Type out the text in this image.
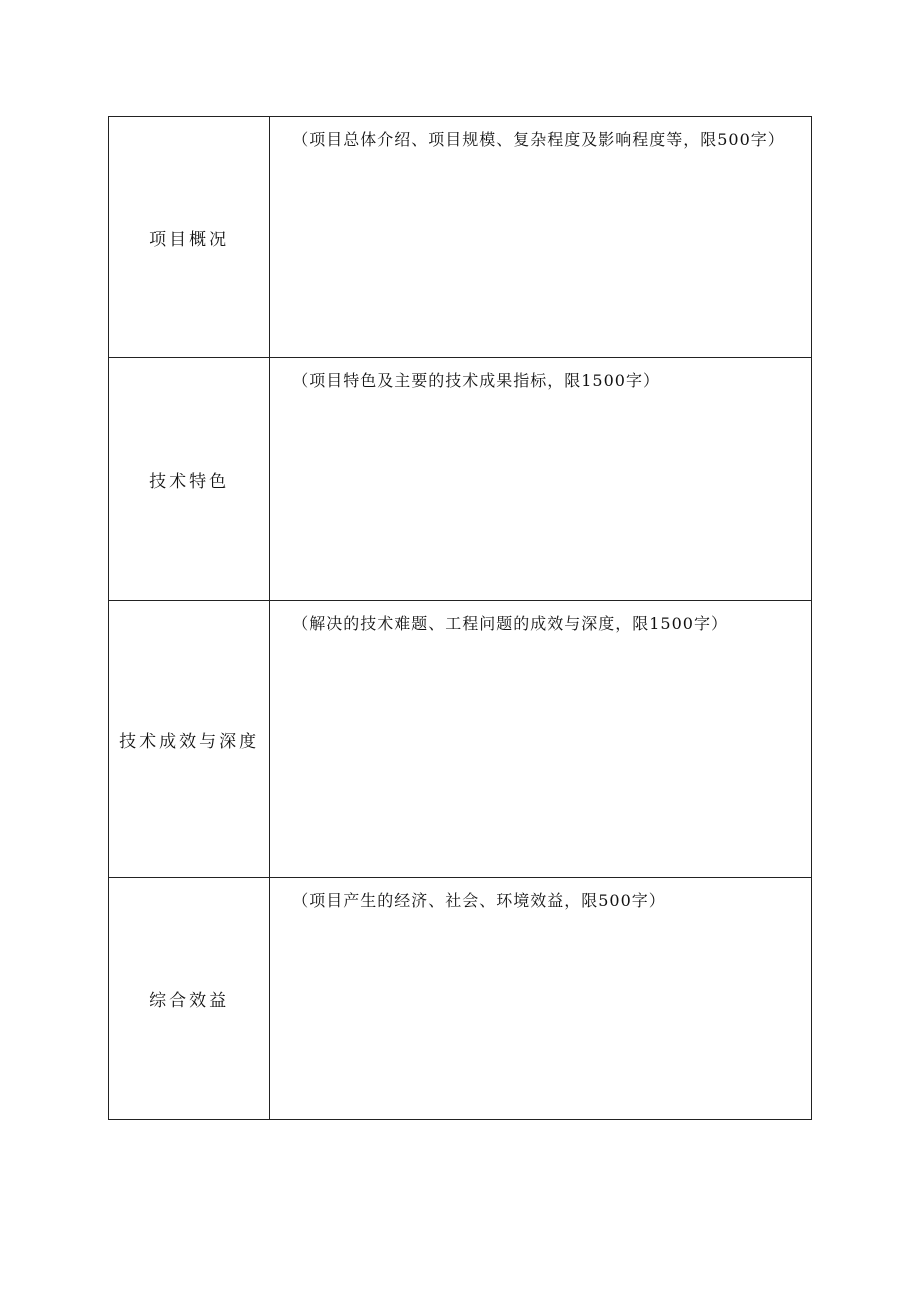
项目概况	（项目总体介绍、项目规模、复杂程度及影响程度等，限500字）

技术特色	（项目特色及主要的技术成果指标，限1500字）

技术成效与深度	（解决的技术难题、工程问题的成效与深度，限1500字）

综合效益	（项目产生的经济、社会、环境效益，限500字）
